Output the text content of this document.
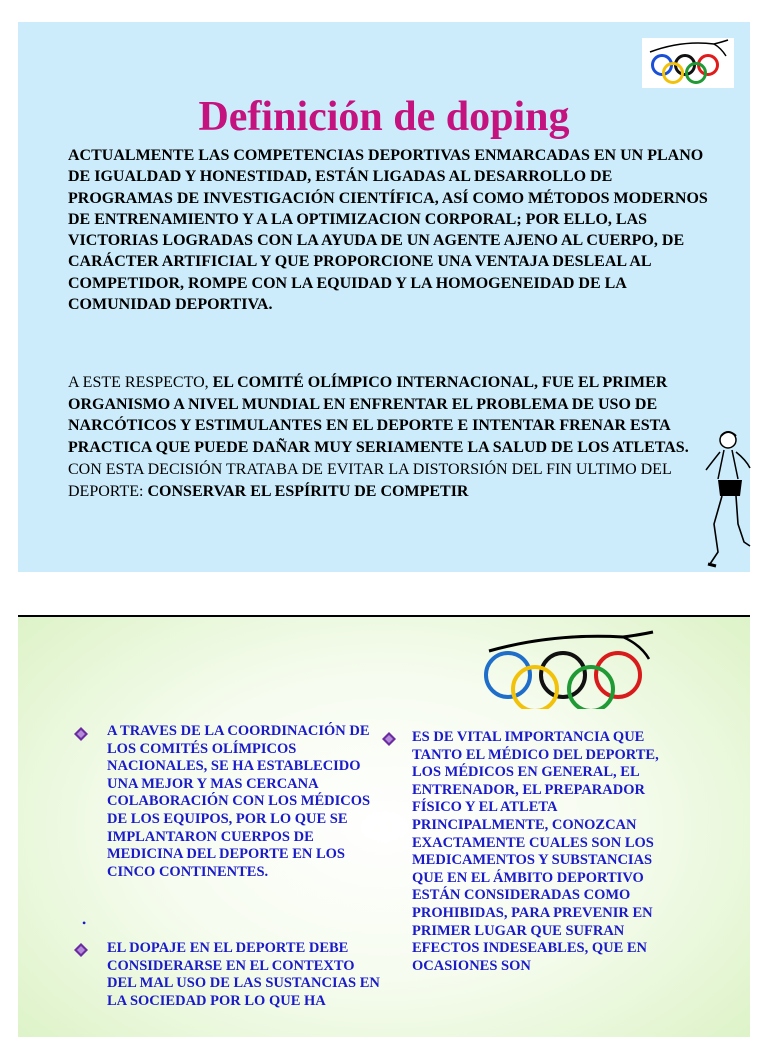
Definición de doping
ACTUALMENTE LAS COMPETENCIAS DEPORTIVAS ENMARCADAS EN UN PLANO DE IGUALDAD Y HONESTIDAD, ESTÁN LIGADAS AL DESARROLLO DE PROGRAMAS DE INVESTIGACIÓN CIENTÍFICA, ASÍ COMO MÉTODOS MODERNOS DE ENTRENAMIENTO Y A LA OPTIMIZACION CORPORAL; POR ELLO, LAS VICTORIAS LOGRADAS CON LA AYUDA DE UN AGENTE AJENO AL CUERPO, DE CARÁCTER ARTIFICIAL Y QUE PROPORCIONE UNA VENTAJA DESLEAL AL COMPETIDOR, ROMPE CON LA EQUIDAD Y LA HOMOGENEIDAD DE LA COMUNIDAD DEPORTIVA.
A ESTE RESPECTO, EL COMITÉ OLÍMPICO INTERNACIONAL, FUE EL PRIMER ORGANISMO A NIVEL MUNDIAL EN ENFRENTAR EL PROBLEMA DE USO DE NARCÓTICOS Y ESTIMULANTES EN EL DEPORTE E INTENTAR FRENAR ESTA PRACTICA QUE PUEDE DAÑAR MUY SERIAMENTE LA SALUD DE LOS ATLETAS. CON ESTA DECISIÓN TRATABA DE EVITAR LA DISTORSIÓN DEL FIN ULTIMO DEL DEPORTE: CONSERVAR EL ESPÍRITU DE COMPETIR
A TRAVES DE LA COORDINACIÓN DE LOS COMITÉS OLÍMPICOS NACIONALES, SE HA ESTABLECIDO UNA MEJOR Y MAS CERCANA COLABORACIÓN CON LOS MÉDICOS DE LOS EQUIPOS, POR LO QUE SE IMPLANTARON CUERPOS DE MEDICINA DEL DEPORTE EN LOS CINCO CONTINENTES.
•
EL DOPAJE EN EL DEPORTE DEBE CONSIDERARSE EN EL CONTEXTO DEL MAL USO DE LAS SUSTANCIAS EN LA SOCIEDAD POR LO QUE HA
ES DE VITAL IMPORTANCIA QUE TANTO EL MÉDICO DEL DEPORTE, LOS MÉDICOS EN GENERAL, EL ENTRENADOR, EL PREPARADOR FÍSICO Y EL ATLETA PRINCIPALMENTE, CONOZCAN EXACTAMENTE CUALES SON LOS MEDICAMENTOS Y SUBSTANCIAS QUE EN EL ÁMBITO DEPORTIVO ESTÁN CONSIDERADAS COMO PROHIBIDAS, PARA PREVENIR EN PRIMER LUGAR QUE SUFRAN EFECTOS INDESEABLES, QUE EN OCASIONES SON
